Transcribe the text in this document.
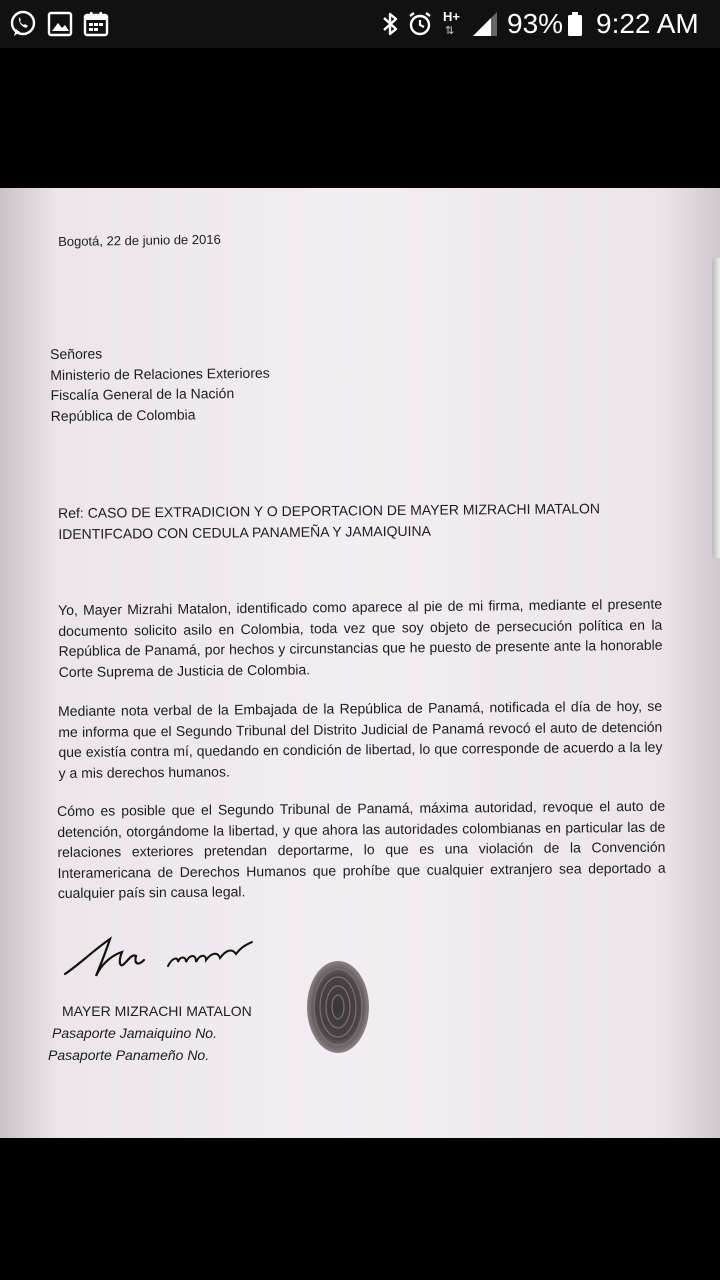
H+
⇅ 93% 9:22 AM
Bogotá, 22 de junio de 2016
Señores
Ministerio de Relaciones Exteriores
Fiscalía General de la Nación
República de Colombia
Ref: CASO DE EXTRADICION Y O DEPORTACION DE MAYER MIZRACHI MATALON
IDENTIFCADO CON CEDULA PANAMEÑA Y JAMAIQUINA
Yo, Mayer Mizrahi Matalon, identificado como aparece al pie de mi firma, mediante el presente documento solicito asilo en Colombia, toda vez que soy objeto de persecución política en la República de Panamá, por hechos y circunstancias que he puesto de presente ante la honorable Corte Suprema de Justicia de Colombia.
Mediante nota verbal de la Embajada de la República de Panamá, notificada el día de hoy, se me informa que el Segundo Tribunal del Distrito Judicial de Panamá revocó el auto de detención que existía contra mí, quedando en condición de libertad, lo que corresponde de acuerdo a la ley y a mis derechos humanos.
Cómo es posible que el Segundo Tribunal de Panamá, máxima autoridad, revoque el auto de detención, otorgándome la libertad, y que ahora las autoridades colombianas en particular las de relaciones exteriores pretendan deportarme, lo que es una violación de la Convención Interamericana de Derechos Humanos que prohíbe que cualquier extranjero sea deportado a cualquier país sin causa legal.
MAYER MIZRACHI MATALON
Pasaporte Jamaiquino No.
Pasaporte Panameño No.
